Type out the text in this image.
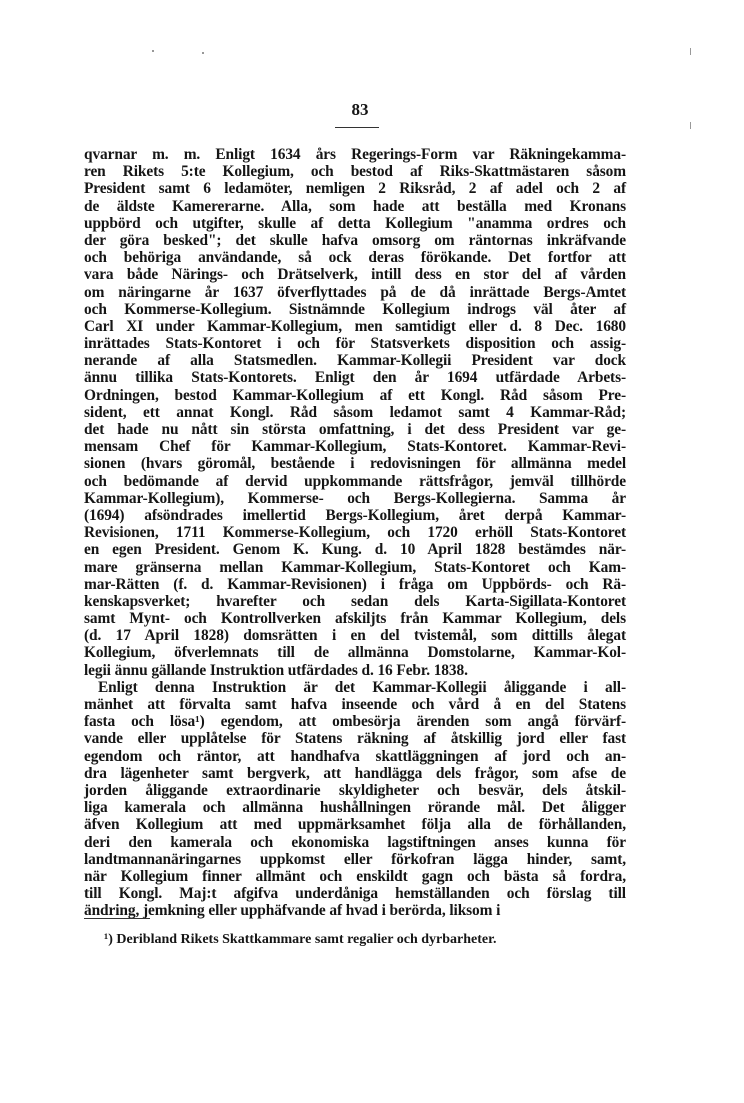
83
qvarnar m. m. Enligt 1634 års Regerings-Form var Räkningekamma-
ren Rikets 5:te Kollegium, och bestod af Riks-Skattmästaren såsom
President samt 6 ledamöter, nemligen 2 Riksråd, 2 af adel och 2 af
de äldste Kamererarne. Alla, som hade att beställa med Kronans
uppbörd och utgifter, skulle af detta Kollegium "anamma ordres och
der göra besked"; det skulle hafva omsorg om räntornas inkräfvande
och behöriga användande, så ock deras förökande. Det fortfor att
vara både Närings- och Drätselverk, intill dess en stor del af vården
om näringarne år 1637 öfverflyttades på de då inrättade Bergs-Amtet
och Kommerse-Kollegium. Sistnämnde Kollegium indrogs väl åter af
Carl XI under Kammar-Kollegium, men samtidigt eller d. 8 Dec. 1680
inrättades Stats-Kontoret i och för Statsverkets disposition och assig-
nerande af alla Statsmedlen. Kammar-Kollegii President var dock
ännu tillika Stats-Kontorets. Enligt den år 1694 utfärdade Arbets-
Ordningen, bestod Kammar-Kollegium af ett Kongl. Råd såsom Pre-
sident, ett annat Kongl. Råd såsom ledamot samt 4 Kammar-Råd;
det hade nu nått sin största omfattning, i det dess President var ge-
mensam Chef för Kammar-Kollegium, Stats-Kontoret. Kammar-Revi-
sionen (hvars göromål, bestående i redovisningen för allmänna medel
och bedömande af dervid uppkommande rättsfrågor, jemväl tillhörde
Kammar-Kollegium), Kommerse- och Bergs-Kollegierna. Samma år
(1694) afsöndrades imellertid Bergs-Kollegium, året derpå Kammar-
Revisionen, 1711 Kommerse-Kollegium, och 1720 erhöll Stats-Kontoret
en egen President. Genom K. Kung. d. 10 April 1828 bestämdes när-
mare gränserna mellan Kammar-Kollegium, Stats-Kontoret och Kam-
mar-Rätten (f. d. Kammar-Revisionen) i fråga om Uppbörds- och Rä-
kenskapsverket; hvarefter och sedan dels Karta-Sigillata-Kontoret
samt Mynt- och Kontrollverken afskiljts från Kammar Kollegium, dels
(d. 17 April 1828) domsrätten i en del tvistemål, som dittills ålegat
Kollegium, öfverlemnats till de allmänna Domstolarne, Kammar-Kol-
legii ännu gällande Instruktion utfärdades d. 16 Febr. 1838.
Enligt denna Instruktion är det Kammar-Kollegii åliggande i all-
mänhet att förvalta samt hafva inseende och vård å en del Statens
fasta och lösa¹) egendom, att ombesörja ärenden som angå förvärf-
vande eller upplåtelse för Statens räkning af åtskillig jord eller fast
egendom och räntor, att handhafva skattläggningen af jord och an-
dra lägenheter samt bergverk, att handlägga dels frågor, som afse de
jorden åliggande extraordinarie skyldigheter och besvär, dels åtskil-
liga kamerala och allmänna hushållningen rörande mål. Det åligger
äfven Kollegium att med uppmärksamhet följa alla de förhållanden,
deri den kamerala och ekonomiska lagstiftningen anses kunna för
landtmannanäringarnes uppkomst eller förkofran lägga hinder, samt,
när Kollegium finner allmänt och enskildt gagn och bästa så fordra,
till Kongl. Maj:t afgifva underdåniga hemställanden och förslag till
ändring, jemkning eller upphäfvande af hvad i berörda, liksom i
¹) Deribland Rikets Skattkammare samt regalier och dyrbarheter.
